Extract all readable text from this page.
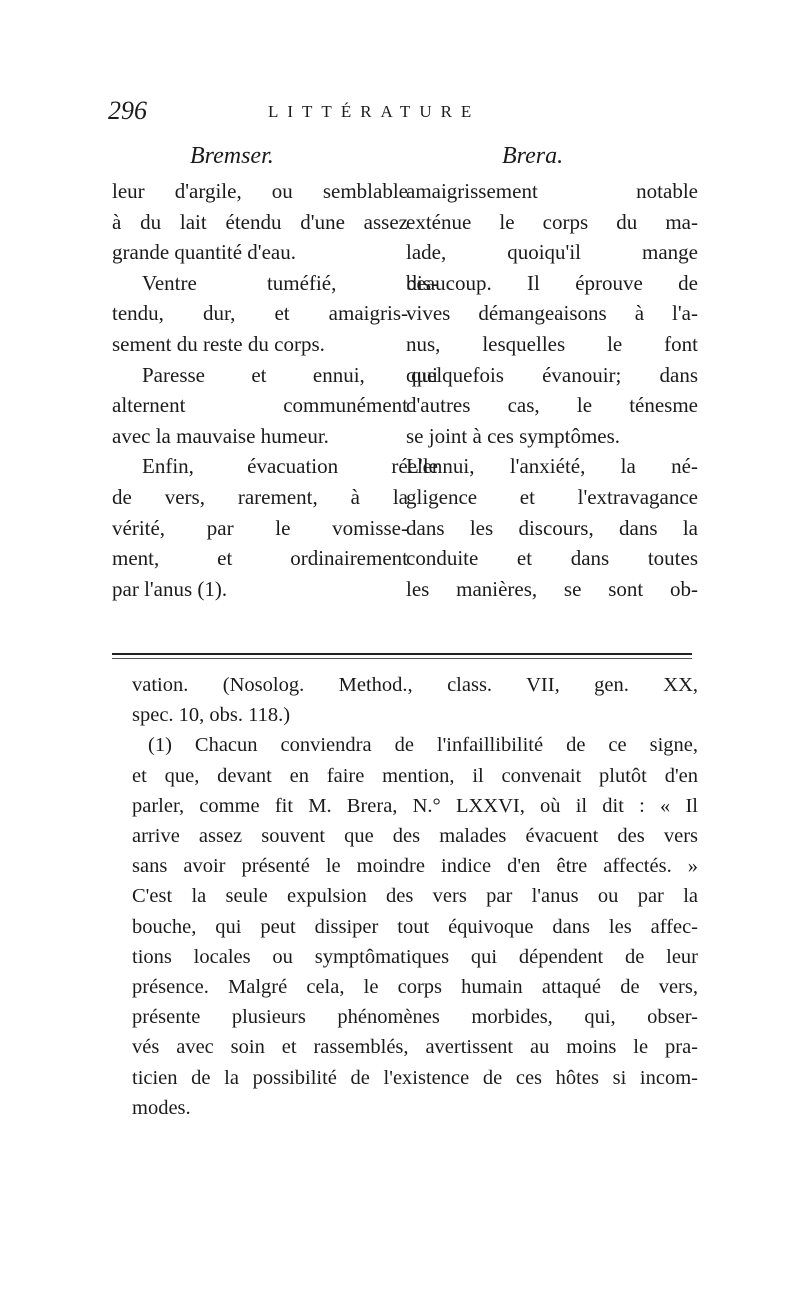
296	LITTÉRATURE
Bremser.
leur d'argile, ou semblable
à du lait étendu d'une assez
grande quantité d'eau.
Ventre tuméfié, dis-
tendu, dur, et amaigris-
sement du reste du corps.
Paresse et ennui, qui
alternent communément
avec la mauvaise humeur.
Enfin, évacuation réelle
de vers, rarement, à la
vérité, par le vomisse-
ment, et ordinairement
par l'anus (1).
Brera.
amaigrissement notable
exténue le corps du ma-
lade, quoiqu'il mange
beaucoup. Il éprouve de
vives démangeaisons à l'a-
nus, lesquelles le font
quelquefois évanouir; dans
d'autres cas, le ténesme
se joint à ces symptômes.
L'ennui, l'anxiété, la né-
gligence et l'extravagance
dans les discours, dans la
conduite et dans toutes
les manières, se sont ob-
vation. (Nosolog. Method., class. VII, gen. XX,
spec. 10, obs. 118.)
(1) Chacun conviendra de l'infaillibilité de ce signe,
et que, devant en faire mention, il convenait plutôt d'en
parler, comme fit M. Brera, N.° LXXVI, où il dit : « Il
arrive assez souvent que des malades évacuent des vers
sans avoir présenté le moindre indice d'en être affectés. »
C'est la seule expulsion des vers par l'anus ou par la
bouche, qui peut dissiper tout équivoque dans les affec-
tions locales ou symptômatiques qui dépendent de leur
présence. Malgré cela, le corps humain attaqué de vers,
présente plusieurs phénomènes morbides, qui, obser-
vés avec soin et rassemblés, avertissent au moins le pra-
ticien de la possibilité de l'existence de ces hôtes si incom-
modes.
